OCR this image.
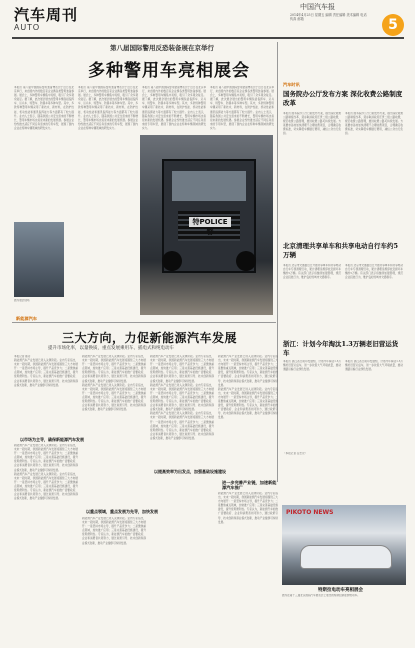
汽车周刊
AUTO
中国汽车报
2014年4月25日 星期五 编辑 责任编辑 美术编辑 电话 传真 邮箱	5
第八届国际警用反恐装备展在京举行
多种警用车亮相展会

本报讯 第八届中国国际警用装备博览会于近日在北京举行，来自国内外的数百家企业携各类警用装备参展。展会上，多种警用车辆集中亮相，吸引了众多观众驻足。据了解，此次展会展出的警用车辆包括指挥车、运兵车、特警车、防暴车等多种车型。其中，多款特种警用车辆采用了新技术、新材料，在防护性能、机动性能和通讯指挥能力等方面都有了较大提升。业内人士表示，随着我国公共安全需求的不断增长，警用车辆市场也将迎来新的发展机遇。参展企业纷纷推出适应不同任务需求的专用车型，展现了国内企业在特种车辆领域的研发实力。

图为展会现场

本报讯 第八届中国国际警用装备博览会于近日在北京举行，来自国内外的数百家企业携各类警用装备参展。展会上，多种警用车辆集中亮相，吸引了众多观众驻足。据了解，此次展会展出的警用车辆包括指挥车、运兵车、特警车、防暴车等多种车型。其中，多款特种警用车辆采用了新技术、新材料，在防护性能、机动性能和通讯指挥能力等方面都有了较大提升。业内人士表示，随着我国公共安全需求的不断增长，警用车辆市场也将迎来新的发展机遇。参展企业纷纷推出适应不同任务需求的专用车型，展现了国内企业在特种车辆领域的研发实力。

本报讯 第八届中国国际警用装备博览会于近日在北京举行，来自国内外的数百家企业携各类警用装备参展。展会上，多种警用车辆集中亮相，吸引了众多观众驻足。据了解，此次展会展出的警用车辆包括指挥车、运兵车、特警车、防暴车等多种车型。其中，多款特种警用车辆采用了新技术、新材料，在防护性能、机动性能和通讯指挥能力等方面都有了较大提升。业内人士表示，随着我国公共安全需求的不断增长，警用车辆市场也将迎来新的发展机遇。参展企业纷纷推出适应不同任务需求的专用车型，展现了国内企业在特种车辆领域的研发实力。

本报讯 第八届中国国际警用装备博览会于近日在北京举行，来自国内外的数百家企业携各类警用装备参展。展会上，多种警用车辆集中亮相，吸引了众多观众驻足。据了解，此次展会展出的警用车辆包括指挥车、运兵车、特警车、防暴车等多种车型。其中，多款特种警用车辆采用了新技术、新材料，在防护性能、机动性能和通讯指挥能力等方面都有了较大提升。业内人士表示，随着我国公共安全需求的不断增长，警用车辆市场也将迎来新的发展机遇。参展企业纷纷推出适应不同任务需求的专用车型，展现了国内企业在特种车辆领域的研发实力。

特POLICE警
汽车时讯
国务院办公厅发布方案 深化收费公路制度改革

本报讯 国务院办公厅日前发布方案，提出深化收费公路制度改革，逐步取消政府还贷二级公路收费，规范收费公路管理，推进收费公路可持续发展。方案要求各地加快清理不合理收费项目，合理确定收费标准，切实降低车辆通行费用，减轻公众出行负担。

本报讯 国务院办公厅日前发布方案，提出深化收费公路制度改革，逐步取消政府还贷二级公路收费，规范收费公路管理，推进收费公路可持续发展。方案要求各地加快清理不合理收费项目，合理确定收费标准，切实降低车辆通行费用，减轻公众出行负担。

北京清理共享单车和共享电动自行车约5万辆

本报讯 北京市交通委近日开展共享单车和共享电动自行车专项清理行动，累计清理违规停放及损坏车辆约5万辆。有关部门表示将继续加强管理，规范企业投放行为，维护良好的城市交通秩序。

本报讯 北京市交通委近日开展共享单车和共享电动自行车专项清理行动，累计清理违规停放及损坏车辆约5万辆。有关部门表示将继续加强管理，规范企业投放行为，维护良好的城市交通秩序。

浙江：计划今年淘汰1.3万辆老旧营运货车

本报讯 浙江省日前印发通知，计划今年淘汰1.3万辆老旧营运货车，进一步改善大气环境质量，推动道路运输行业绿色发展。

本报讯 浙江省日前印发通知，计划今年淘汰1.3万辆老旧营运货车，进一步改善大气环境质量，推动道路运输行业绿色发展。

（本报记者 任志宏）

新能源汽车
三大方向，力促新能源汽车发展
提升市场化率，以量换质，重点发展乘用车、插电式和纯电动车

本报记者 崔丹

新能源汽车产业发展已进入关键阶段。业内专家指出，未来一段时期，我国新能源汽车发展将围绕三大方向展开：一是坚持市场主导，提升产品竞争力；二是聚焦重点领域，加快推广应用；三是完善基础设施建设，提升使用便利性。专家认为，新能源汽车的推广需要政府、企业和消费者共同努力，通过政策引导、技术创新和商业模式创新，推动产业健康可持续发展。

以市场为主导，确保新能源汽车发展

新能源汽车产业发展已进入关键阶段。业内专家指出，未来一段时期，我国新能源汽车发展将围绕三大方向展开：一是坚持市场主导，提升产品竞争力；二是聚焦重点领域，加快推广应用；三是完善基础设施建设，提升使用便利性。专家认为，新能源汽车的推广需要政府、企业和消费者共同努力，通过政策引导、技术创新和商业模式创新，推动产业健康可持续发展。

新能源汽车产业发展已进入关键阶段。业内专家指出，未来一段时期，我国新能源汽车发展将围绕三大方向展开：一是坚持市场主导，提升产品竞争力；二是聚焦重点领域，加快推广应用；三是完善基础设施建设，提升使用便利性。专家认为，新能源汽车的推广需要政府、企业和消费者共同努力，通过政策引导、技术创新和商业模式创新，推动产业健康可持续发展。

新能源汽车产业发展已进入关键阶段。业内专家指出，未来一段时期，我国新能源汽车发展将围绕三大方向展开：一是坚持市场主导，提升产品竞争力；二是聚焦重点领域，加快推广应用；三是完善基础设施建设，提升使用便利性。专家认为，新能源汽车的推广需要政府、企业和消费者共同努力，通过政策引导、技术创新和商业模式创新，推动产业健康可持续发展。

新能源汽车产业发展已进入关键阶段。业内专家指出，未来一段时期，我国新能源汽车发展将围绕三大方向展开：一是坚持市场主导，提升产品竞争力；二是聚焦重点领域，加快推广应用；三是完善基础设施建设，提升使用便利性。专家认为，新能源汽车的推广需要政府、企业和消费者共同努力，通过政策引导、技术创新和商业模式创新，推动产业健康可持续发展。

以重点领域，重点发展为先导，加快发展

新能源汽车产业发展已进入关键阶段。业内专家指出，未来一段时期，我国新能源汽车发展将围绕三大方向展开：一是坚持市场主导，提升产品竞争力；二是聚焦重点领域，加快推广应用；三是完善基础设施建设，提升使用便利性。专家认为，新能源汽车的推广需要政府、企业和消费者共同努力，通过政策引导、技术创新和商业模式创新，推动产业健康可持续发展。

新能源汽车产业发展已进入关键阶段。业内专家指出，未来一段时期，我国新能源汽车发展将围绕三大方向展开：一是坚持市场主导，提升产品竞争力；二是聚焦重点领域，加快推广应用；三是完善基础设施建设，提升使用便利性。专家认为，新能源汽车的推广需要政府、企业和消费者共同努力，通过政策引导、技术创新和商业模式创新，推动产业健康可持续发展。

新能源汽车产业发展已进入关键阶段。业内专家指出，未来一段时期，我国新能源汽车发展将围绕三大方向展开：一是坚持市场主导，提升产品竞争力；二是聚焦重点领域，加快推广应用；三是完善基础设施建设，提升使用便利性。专家认为，新能源汽车的推广需要政府、企业和消费者共同努力，通过政策引导、技术创新和商业模式创新，推动产业健康可持续发展。

新能源汽车产业发展已进入关键阶段。业内专家指出，未来一段时期，我国新能源汽车发展将围绕三大方向展开：一是坚持市场主导，提升产品竞争力；二是聚焦重点领域，加快推广应用；三是完善基础设施建设，提升使用便利性。专家认为，新能源汽车的推广需要政府、企业和消费者共同努力，通过政策引导、技术创新和商业模式创新，推动产业健康可持续发展。

以提高效率为出发点，加强基础设施建设

新能源汽车产业发展已进入关键阶段。业内专家指出，未来一段时期，我国新能源汽车发展将围绕三大方向展开：一是坚持市场主导，提升产品竞争力；二是聚焦重点领域，加快推广应用；三是完善基础设施建设，提升使用便利性。专家认为，新能源汽车的推广需要政府、企业和消费者共同努力，通过政策引导、技术创新和商业模式创新，推动产业健康可持续发展。

新能源汽车产业发展已进入关键阶段。业内专家指出，未来一段时期，我国新能源汽车发展将围绕三大方向展开：一是坚持市场主导，提升产品竞争力；二是聚焦重点领域，加快推广应用；三是完善基础设施建设，提升使用便利性。专家认为，新能源汽车的推广需要政府、企业和消费者共同努力，通过政策引导、技术创新和商业模式创新，推动产业健康可持续发展。

进一步完善产业链，加速新能源汽车推广

新能源汽车产业发展已进入关键阶段。业内专家指出，未来一段时期，我国新能源汽车发展将围绕三大方向展开：一是坚持市场主导，提升产品竞争力；二是聚焦重点领域，加快推广应用；三是完善基础设施建设，提升使用便利性。专家认为，新能源汽车的推广需要政府、企业和消费者共同努力，通过政策引导、技术创新和商业模式创新，推动产业健康可持续发展。

PIKOTO NEWS
特斯拉电动车亮相展会

图为在第十三届北京国际汽车展览会上展出的特斯拉新能源电动车。
